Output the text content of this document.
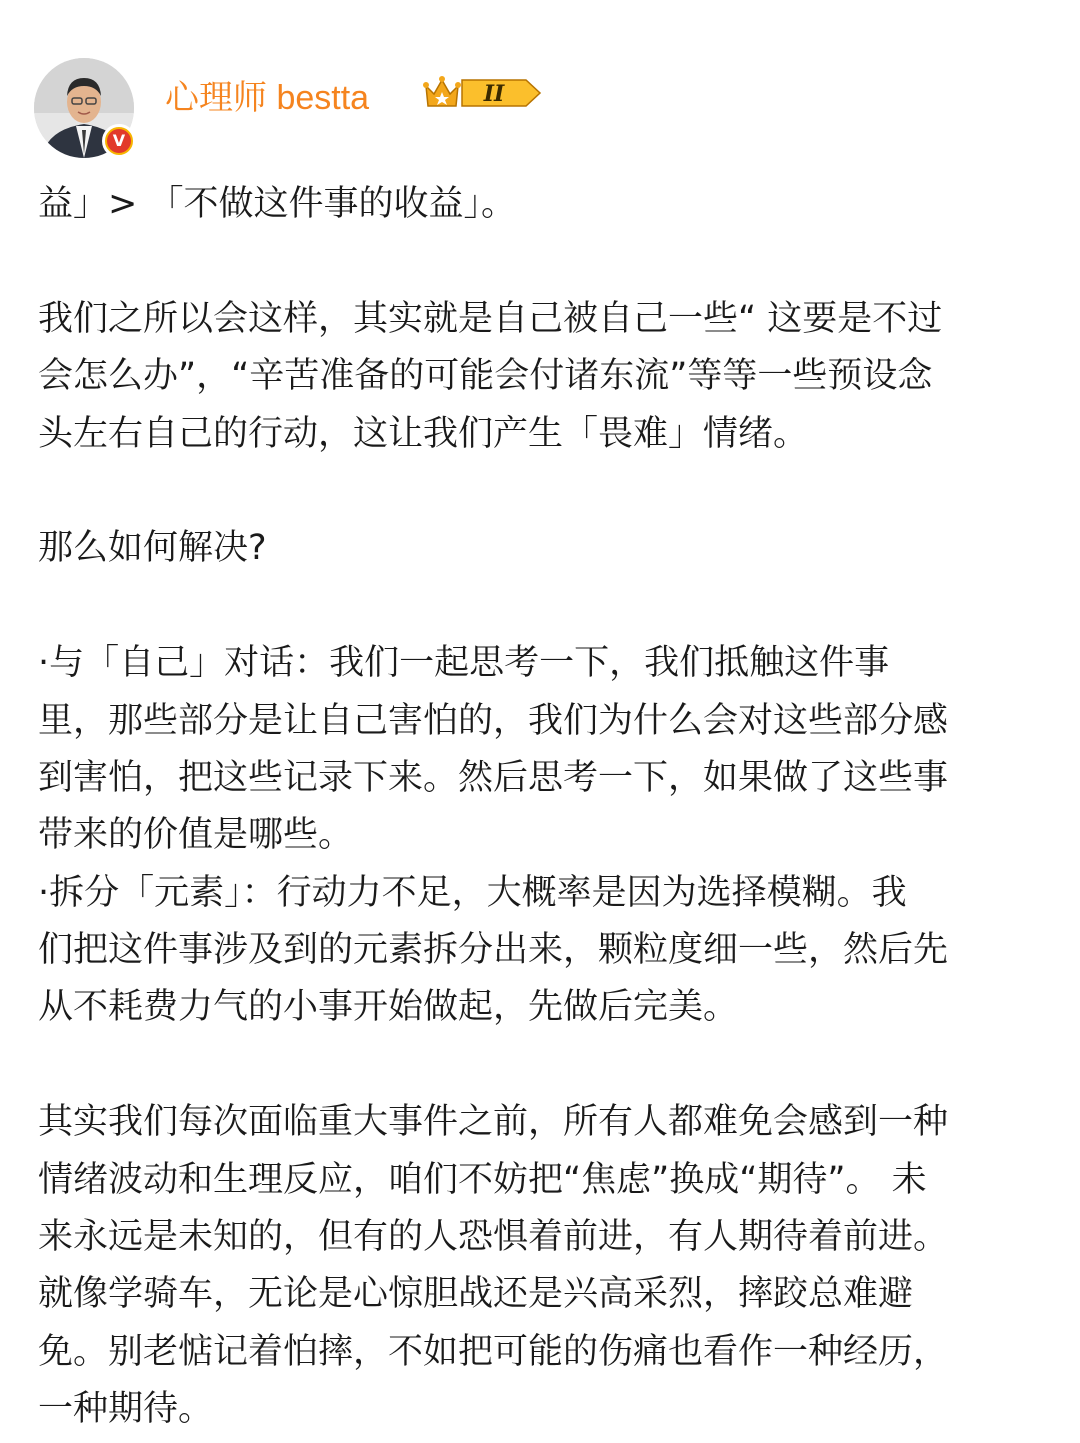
V
心理师 bestta	II
益」> 「不做这件事的收益」。
我们之所以会这样，其实就是自己被自己一些“ 这要是不过
会怎么办”，“辛苦准备的可能会付诸东流”等等一些预设念
头左右自己的行动，这让我们产生「畏难」情绪。
那么如何解决?
·与「自己」对话：我们一起思考一下，我们抵触这件事
里，那些部分是让自己害怕的，我们为什么会对这些部分感
到害怕，把这些记录下来。然后思考一下，如果做了这些事
带来的价值是哪些。
·拆分「元素」：行动力不足，大概率是因为选择模糊。我
们把这件事涉及到的元素拆分出来，颗粒度细一些，然后先
从不耗费力气的小事开始做起，先做后完美。
其实我们每次面临重大事件之前，所有人都难免会感到一种
情绪波动和生理反应，咱们不妨把“焦虑”换成“期待”。 未
来永远是未知的，但有的人恐惧着前进，有人期待着前进。
就像学骑车，无论是心惊胆战还是兴高采烈，摔跤总难避
免。别老惦记着怕摔，不如把可能的伤痛也看作一种经历，
一种期待。
